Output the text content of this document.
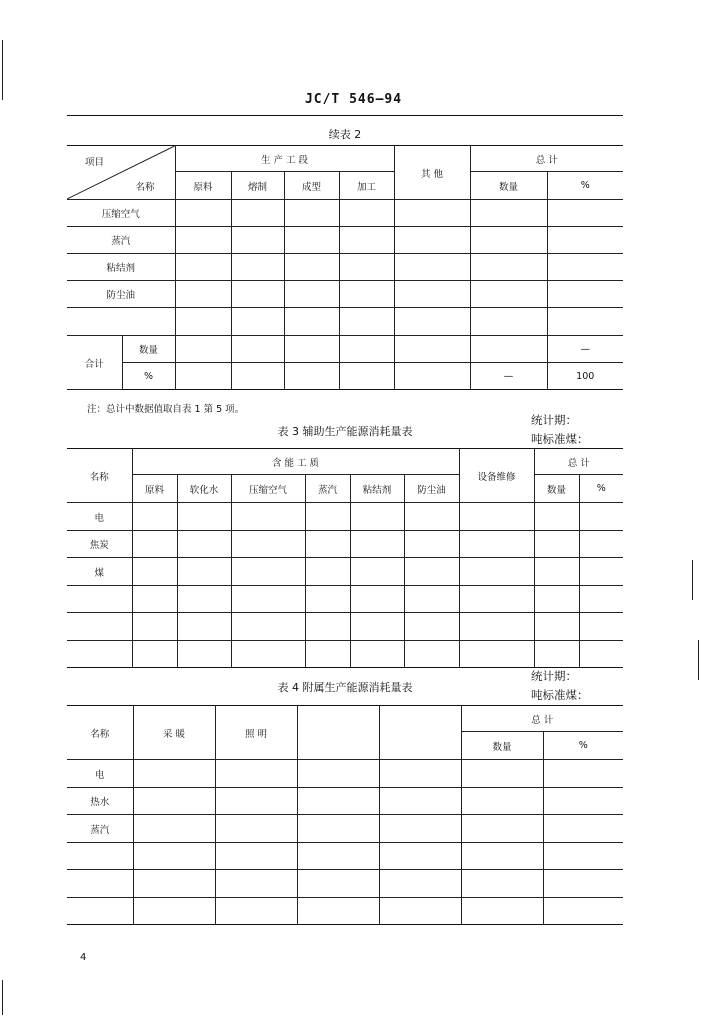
JC/T 546—94
续表 2
项目
名称		生 产 工 段				其 他	总 计	
		原料	熔制	成型	加工		数量	%
压缩空气								
蒸汽								
粘结剂								
防尘油								

合计	数量							—
	%						—	100
注：总计中数据值取自表 1 第 5 项。
统计期：
表 3 辅助生产能源消耗量表
吨标准煤：
名称	含 能 工 质						设备维修	总 计	
	原料	软化水	压缩空气	蒸汽	粘结剂	防尘油		数量	%
电									
焦炭									
煤									

统计期：
表 4 附属生产能源消耗量表
吨标准煤：
名称	采 暖	照 明			总 计	
					数量	%
电						
热水						
蒸汽						

4
